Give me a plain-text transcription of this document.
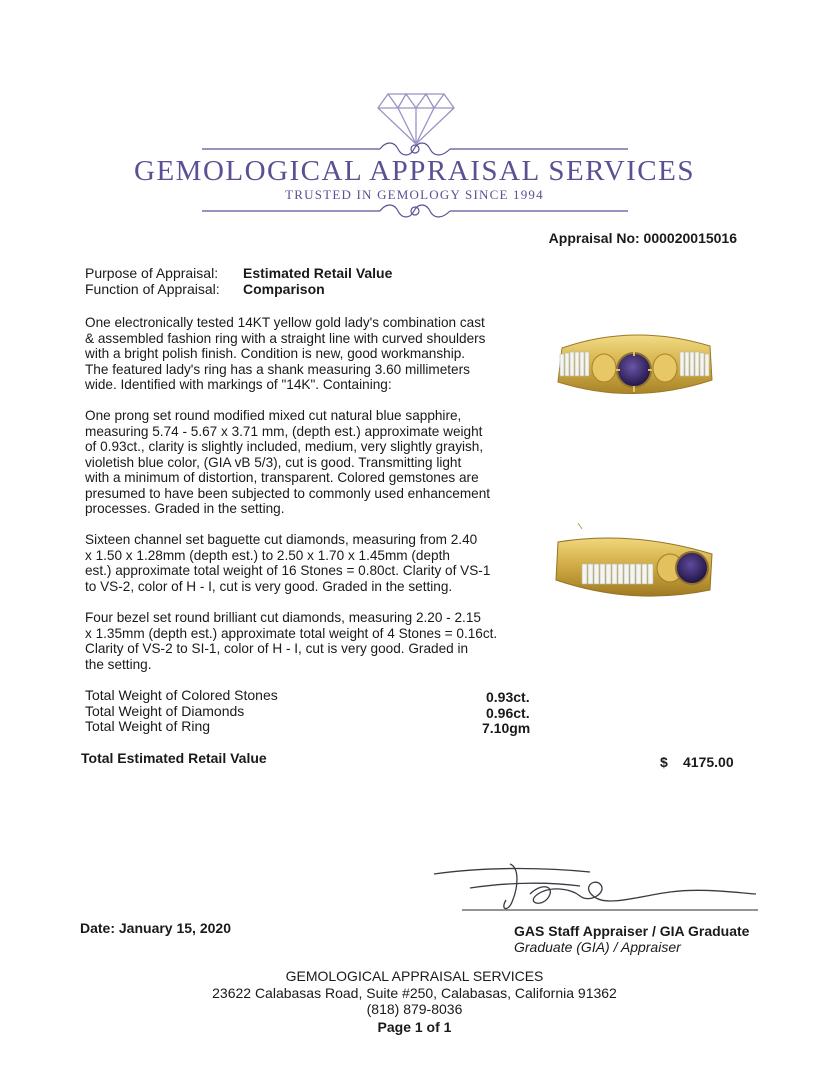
GEMOLOGICAL APPRAISAL SERVICES
TRUSTED IN GEMOLOGY SINCE 1994
Appraisal No: 000020015016
Purpose of Appraisal: Estimated Retail Value
Function of Appraisal: Comparison
One electronically tested 14KT yellow gold lady's combination cast
& assembled fashion ring with a straight line with curved shoulders
with a bright polish finish. Condition is new, good workmanship.
The featured lady's ring has a shank measuring 3.60 millimeters
wide. Identified with markings of "14K". Containing:
One prong set round modified mixed cut natural blue sapphire,
measuring 5.74 - 5.67 x 3.71 mm, (depth est.) approximate weight
of 0.93ct., clarity is slightly included, medium, very slightly grayish,
violetish blue color, (GIA vB 5/3), cut is good. Transmitting light
with a minimum of distortion, transparent. Colored gemstones are
presumed to have been subjected to commonly used enhancement
processes. Graded in the setting.
Sixteen channel set baguette cut diamonds, measuring from 2.40
x 1.50 x 1.28mm (depth est.) to 2.50 x 1.70 x 1.45mm (depth
est.) approximate total weight of 16 Stones = 0.80ct. Clarity of VS-1
to VS-2, color of H - I, cut is very good. Graded in the setting.
Four bezel set round brilliant cut diamonds, measuring 2.20 - 2.15
x 1.35mm (depth est.) approximate total weight of 4 Stones = 0.16ct.
Clarity of VS-2 to SI-1, color of H - I, cut is very good. Graded in
the setting.
Total Weight of Colored Stones	0.93ct.
Total Weight of Diamonds	0.96ct.
Total Weight of Ring	7.10gm
Total Estimated Retail Value	$ 4175.00
Date: January 15, 2020	GAS Staff Appraiser / GIA Graduate
Graduate (GIA) / Appraiser
GEMOLOGICAL APPRAISAL SERVICES
23622 Calabasas Road, Suite #250, Calabasas, California 91362
(818) 879-8036
Page 1 of 1
